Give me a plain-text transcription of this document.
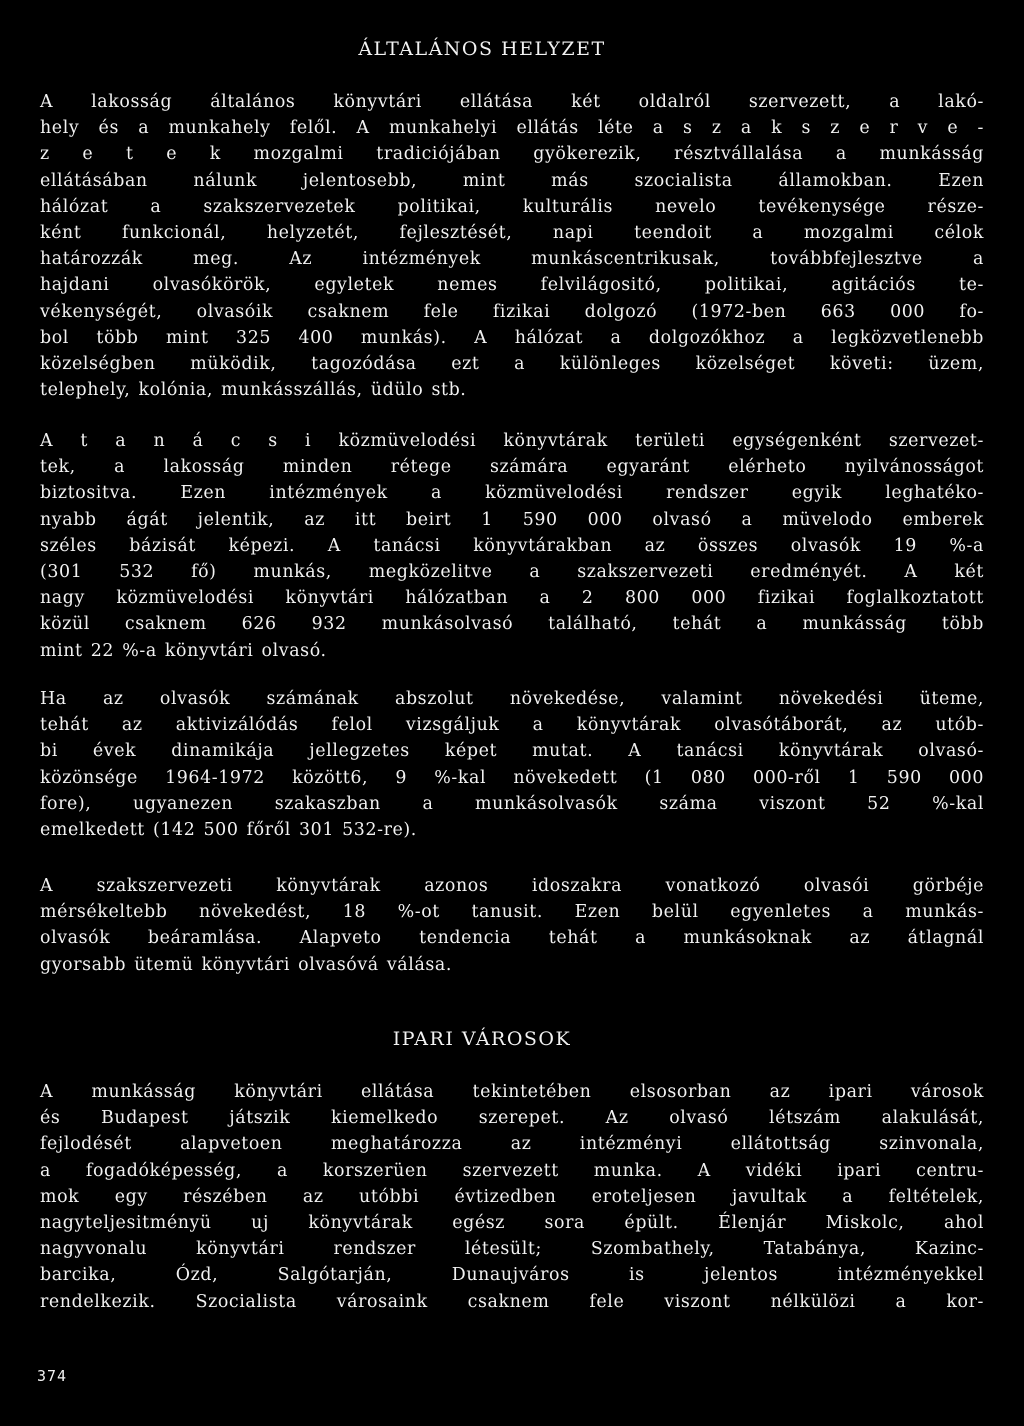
ÁLTALÁNOS HELYZET
IPARI VÁROSOK
A lakosság általános könyvtári ellátása két oldalról szervezett, a lakó-
hely és a munkahely felől. A munkahelyi ellátás léte a s z a k s z e r v e -
z e t e k mozgalmi tradiciójában gyökerezik, résztvállalása a munkásság
ellátásában nálunk jelentosebb, mint más szocialista államokban. Ezen
hálózat a szakszervezetek politikai, kulturális nevelo tevékenysége része-
ként funkcionál, helyzetét, fejlesztését, napi teendoit a mozgalmi célok
határozzák meg. Az intézmények munkáscentrikusak, továbbfejlesztve a
hajdani olvasókörök, egyletek nemes felvilágositó, politikai, agitációs te-
vékenységét, olvasóik csaknem fele fizikai dolgozó (1972-ben 663 000 fo-
bol több mint 325 400 munkás). A hálózat a dolgozókhoz a legközvetlenebb
közelségben müködik, tagozódása ezt a különleges közelséget követi: üzem,
telephely, kolónia, munkásszállás, üdülo stb.
A t a n á c s i közmüvelodési könyvtárak területi egységenként szervezet-
tek, a lakosság minden rétege számára egyaránt elérheto nyilvánosságot
biztositva. Ezen intézmények a közmüvelodési rendszer egyik leghatéko-
nyabb ágát jelentik, az itt beirt 1 590 000 olvasó a müvelodo emberek
széles bázisát képezi. A tanácsi könyvtárakban az összes olvasók 19 %-a
(301 532 fő) munkás, megközelitve a szakszervezeti eredményét. A két
nagy közmüvelodési könyvtári hálózatban a 2 800 000 fizikai foglalkoztatott
közül csaknem 626 932 munkásolvasó található, tehát a munkásság több
mint 22 %-a könyvtári olvasó.
Ha az olvasók számának abszolut növekedése, valamint növekedési üteme,
tehát az aktivizálódás felol vizsgáljuk a könyvtárak olvasótáborát, az utób-
bi évek dinamikája jellegzetes képet mutat. A tanácsi könyvtárak olvasó-
közönsége 1964-1972 között6, 9 %-kal növekedett (1 080 000-ről 1 590 000
fore), ugyanezen szakaszban a munkásolvasók száma viszont 52 %-kal
emelkedett (142 500 főről 301 532-re).
A szakszervezeti könyvtárak azonos idoszakra vonatkozó olvasói görbéje
mérsékeltebb növekedést, 18 %-ot tanusit. Ezen belül egyenletes a munkás-
olvasók beáramlása. Alapveto tendencia tehát a munkásoknak az átlagnál
gyorsabb ütemü könyvtári olvasóvá válása.
A munkásság könyvtári ellátása tekintetében elsosorban az ipari városok
és Budapest játszik kiemelkedo szerepet. Az olvasó létszám alakulását,
fejlodését alapvetoen meghatározza az intézményi ellátottság szinvonala,
a fogadóképesség, a korszerüen szervezett munka. A vidéki ipari centru-
mok egy részében az utóbbi évtizedben eroteljesen javultak a feltételek,
nagyteljesitményü uj könyvtárak egész sora épült. Élenjár Miskolc, ahol
nagyvonalu könyvtári rendszer létesült; Szombathely, Tatabánya, Kazinc-
barcika, Ózd, Salgótarján, Dunaujváros is jelentos intézményekkel
rendelkezik. Szocialista városaink csaknem fele viszont nélkülözi a kor-
374
